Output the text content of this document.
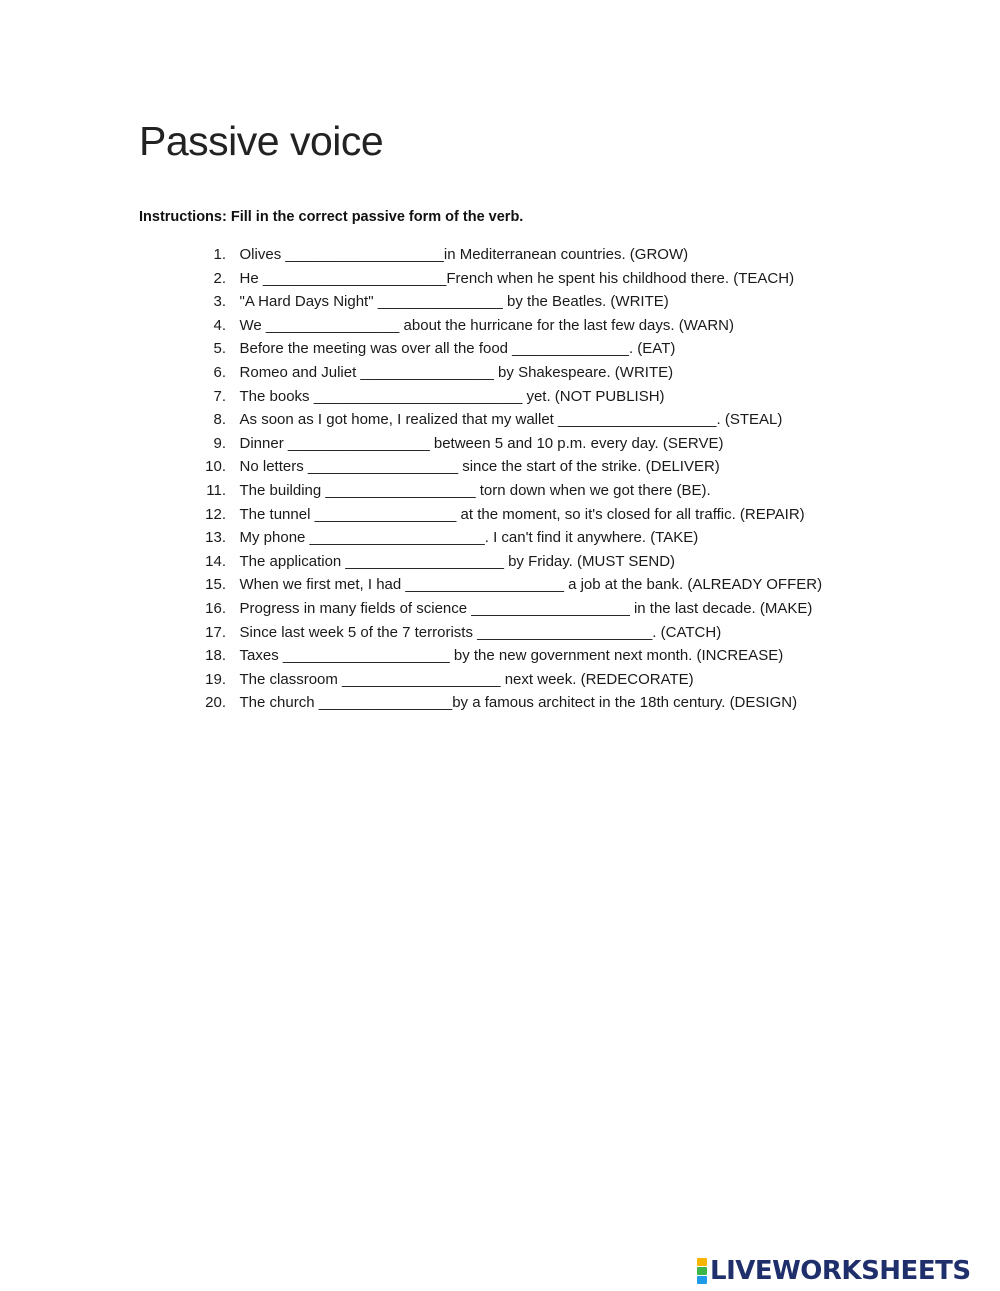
Passive voice
Instructions: Fill in the correct passive form of the verb.
1.
Olives ___________________in Mediterranean countries. (GROW)
2.
He ______________________French when he spent his childhood there. (TEACH)
3.
"A Hard Days Night" _______________ by the Beatles. (WRITE)
4.
We ________________ about the hurricane for the last few days. (WARN)
5.
Before the meeting was over all the food ______________. (EAT)
6.
Romeo and Juliet ________________ by Shakespeare. (WRITE)
7.
The books _________________________ yet. (NOT PUBLISH)
8.
As soon as I got home, I realized that my wallet ___________________. (STEAL)
9.
Dinner _________________ between 5 and 10 p.m. every day. (SERVE)
10.
No letters __________________ since the start of the strike. (DELIVER)
11.
The building __________________ torn down when we got there (BE).
12.
The tunnel _________________ at the moment, so it's closed for all traffic. (REPAIR)
13.
My phone _____________________. I can't find it anywhere. (TAKE)
14.
The application ___________________ by Friday. (MUST SEND)
15.
When we first met, I had ___________________ a job at the bank. (ALREADY OFFER)
16.
Progress in many fields of science ___________________ in the last decade. (MAKE)
17.
Since last week 5 of the 7 terrorists _____________________. (CATCH)
18.
Taxes ____________________ by the new government next month. (INCREASE)
19.
The classroom ___________________ next week. (REDECORATE)
20.
The church ________________by a famous architect in the 18th century. (DESIGN)
LIVEWORKSHEETS
